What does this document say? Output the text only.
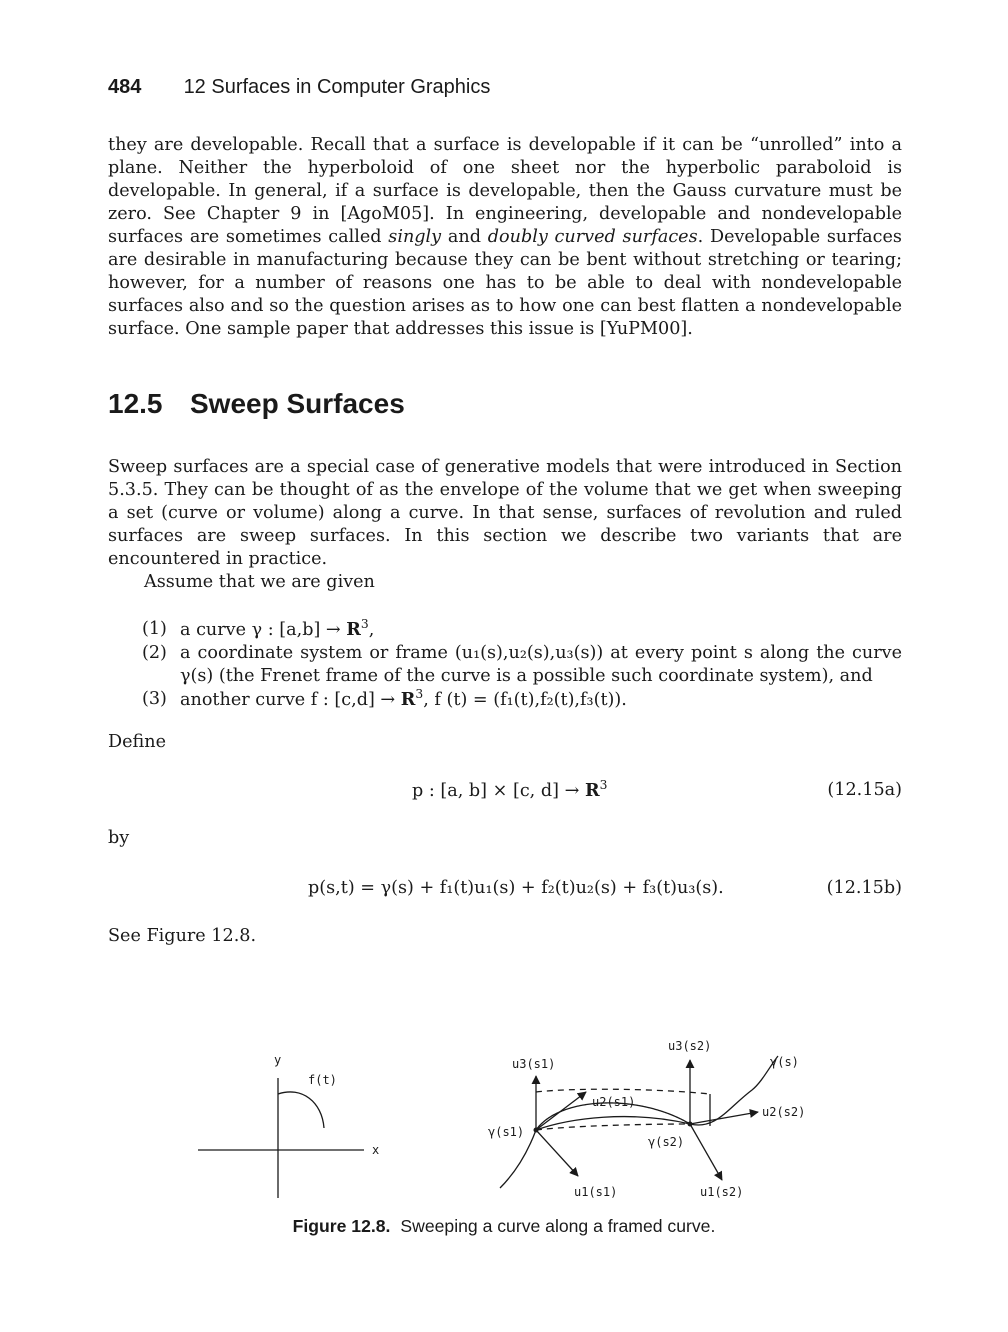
484 12 Surfaces in Computer Graphics

they are developable. Recall that a surface is developable if it can be “unrolled” into a plane. Neither the hyperboloid of one sheet nor the hyperbolic paraboloid is developable. In general, if a surface is developable, then the Gauss curvature must be zero. See Chapter 9 in [AgoM05]. In engineering, developable and nondevelopable surfaces are sometimes called singly and doubly curved surfaces. Developable surfaces are desirable in manufacturing because they can be bent without stretching or tearing; however, for a number of reasons one has to be able to deal with nondevelopable surfaces also and so the question arises as to how one can best flatten a nondevelopable surface. One sample paper that addresses this issue is [YuPM00].

12.5 Sweep Surfaces

Sweep surfaces are a special case of generative models that were introduced in Section 5.3.5. They can be thought of as the envelope of the volume that we get when sweeping a set (curve or volume) along a curve. In that sense, surfaces of revolution and ruled surfaces are sweep surfaces. In this section we describe two variants that are encountered in practice.

Assume that we are given

(1) a curve γ : $[a,b] \to R^3$,
(2) a coordinate system or frame (u₁(s),u₂(s),u₃(s)) at every point s along the curve γ(s) (the Frenet frame of the curve is a possible such coordinate system), and
(3) another curve f : $[c,d] \to R^3$, f (t) = (f₁(t),f₂(t),f₃(t)).
Define
p : [a, b] × [c, $d] \to R^3$	(12.15a)
by
p(s,t) = γ(s) + f₁(t)u₁(s) + f₂(t)u₂(s) + f₃(t)u₃(s).	(12.15b)
See Figure 12.8.
y
x
f(t)
u3(s1)
u3(s2)
γ(s)
u2(s1)
u2(s2)
γ(s1)
γ(s2)
u1(s1)	u1(s2)
Figure 12.8. Sweeping a curve along a framed curve.
